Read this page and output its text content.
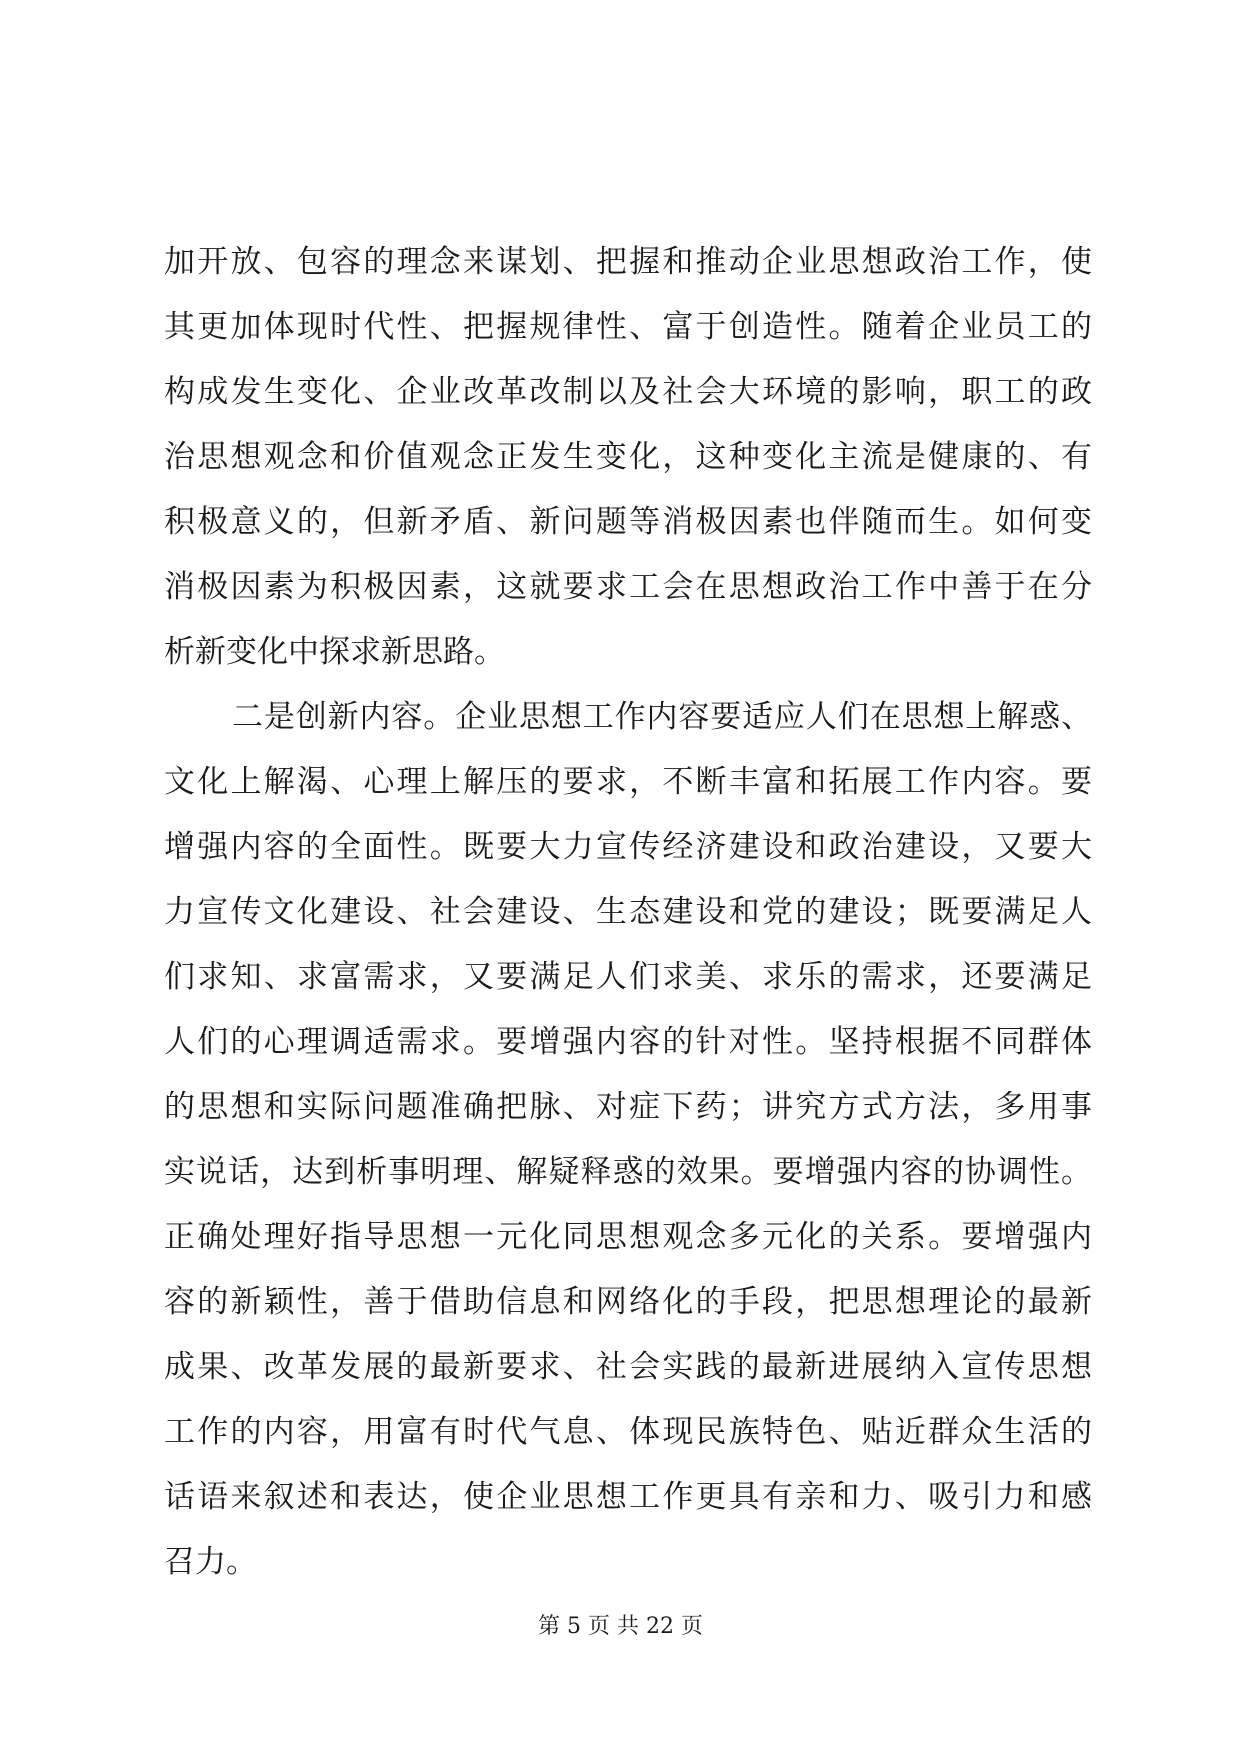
加开放、包容的理念来谋划、把握和推动企业思想政治工作，使
其更加体现时代性、把握规律性、富于创造性。随着企业员工的
构成发生变化、企业改革改制以及社会大环境的影响，职工的政
治思想观念和价值观念正发生变化，这种变化主流是健康的、有
积极意义的，但新矛盾、新问题等消极因素也伴随而生。如何变
消极因素为积极因素，这就要求工会在思想政治工作中善于在分
析新变化中探求新思路。
二是创新内容。企业思想工作内容要适应人们在思想上解惑、
文化上解渴、心理上解压的要求，不断丰富和拓展工作内容。要
增强内容的全面性。既要大力宣传经济建设和政治建设，又要大
力宣传文化建设、社会建设、生态建设和党的建设；既要满足人
们求知、求富需求，又要满足人们求美、求乐的需求，还要满足
人们的心理调适需求。要增强内容的针对性。坚持根据不同群体
的思想和实际问题准确把脉、对症下药；讲究方式方法，多用事
实说话，达到析事明理、解疑释惑的效果。要增强内容的协调性。
正确处理好指导思想一元化同思想观念多元化的关系。要增强内
容的新颖性，善于借助信息和网络化的手段，把思想理论的最新
成果、改革发展的最新要求、社会实践的最新进展纳入宣传思想
工作的内容，用富有时代气息、体现民族特色、贴近群众生活的
话语来叙述和表达，使企业思想工作更具有亲和力、吸引力和感
召力。
第 5 页 共 22 页
